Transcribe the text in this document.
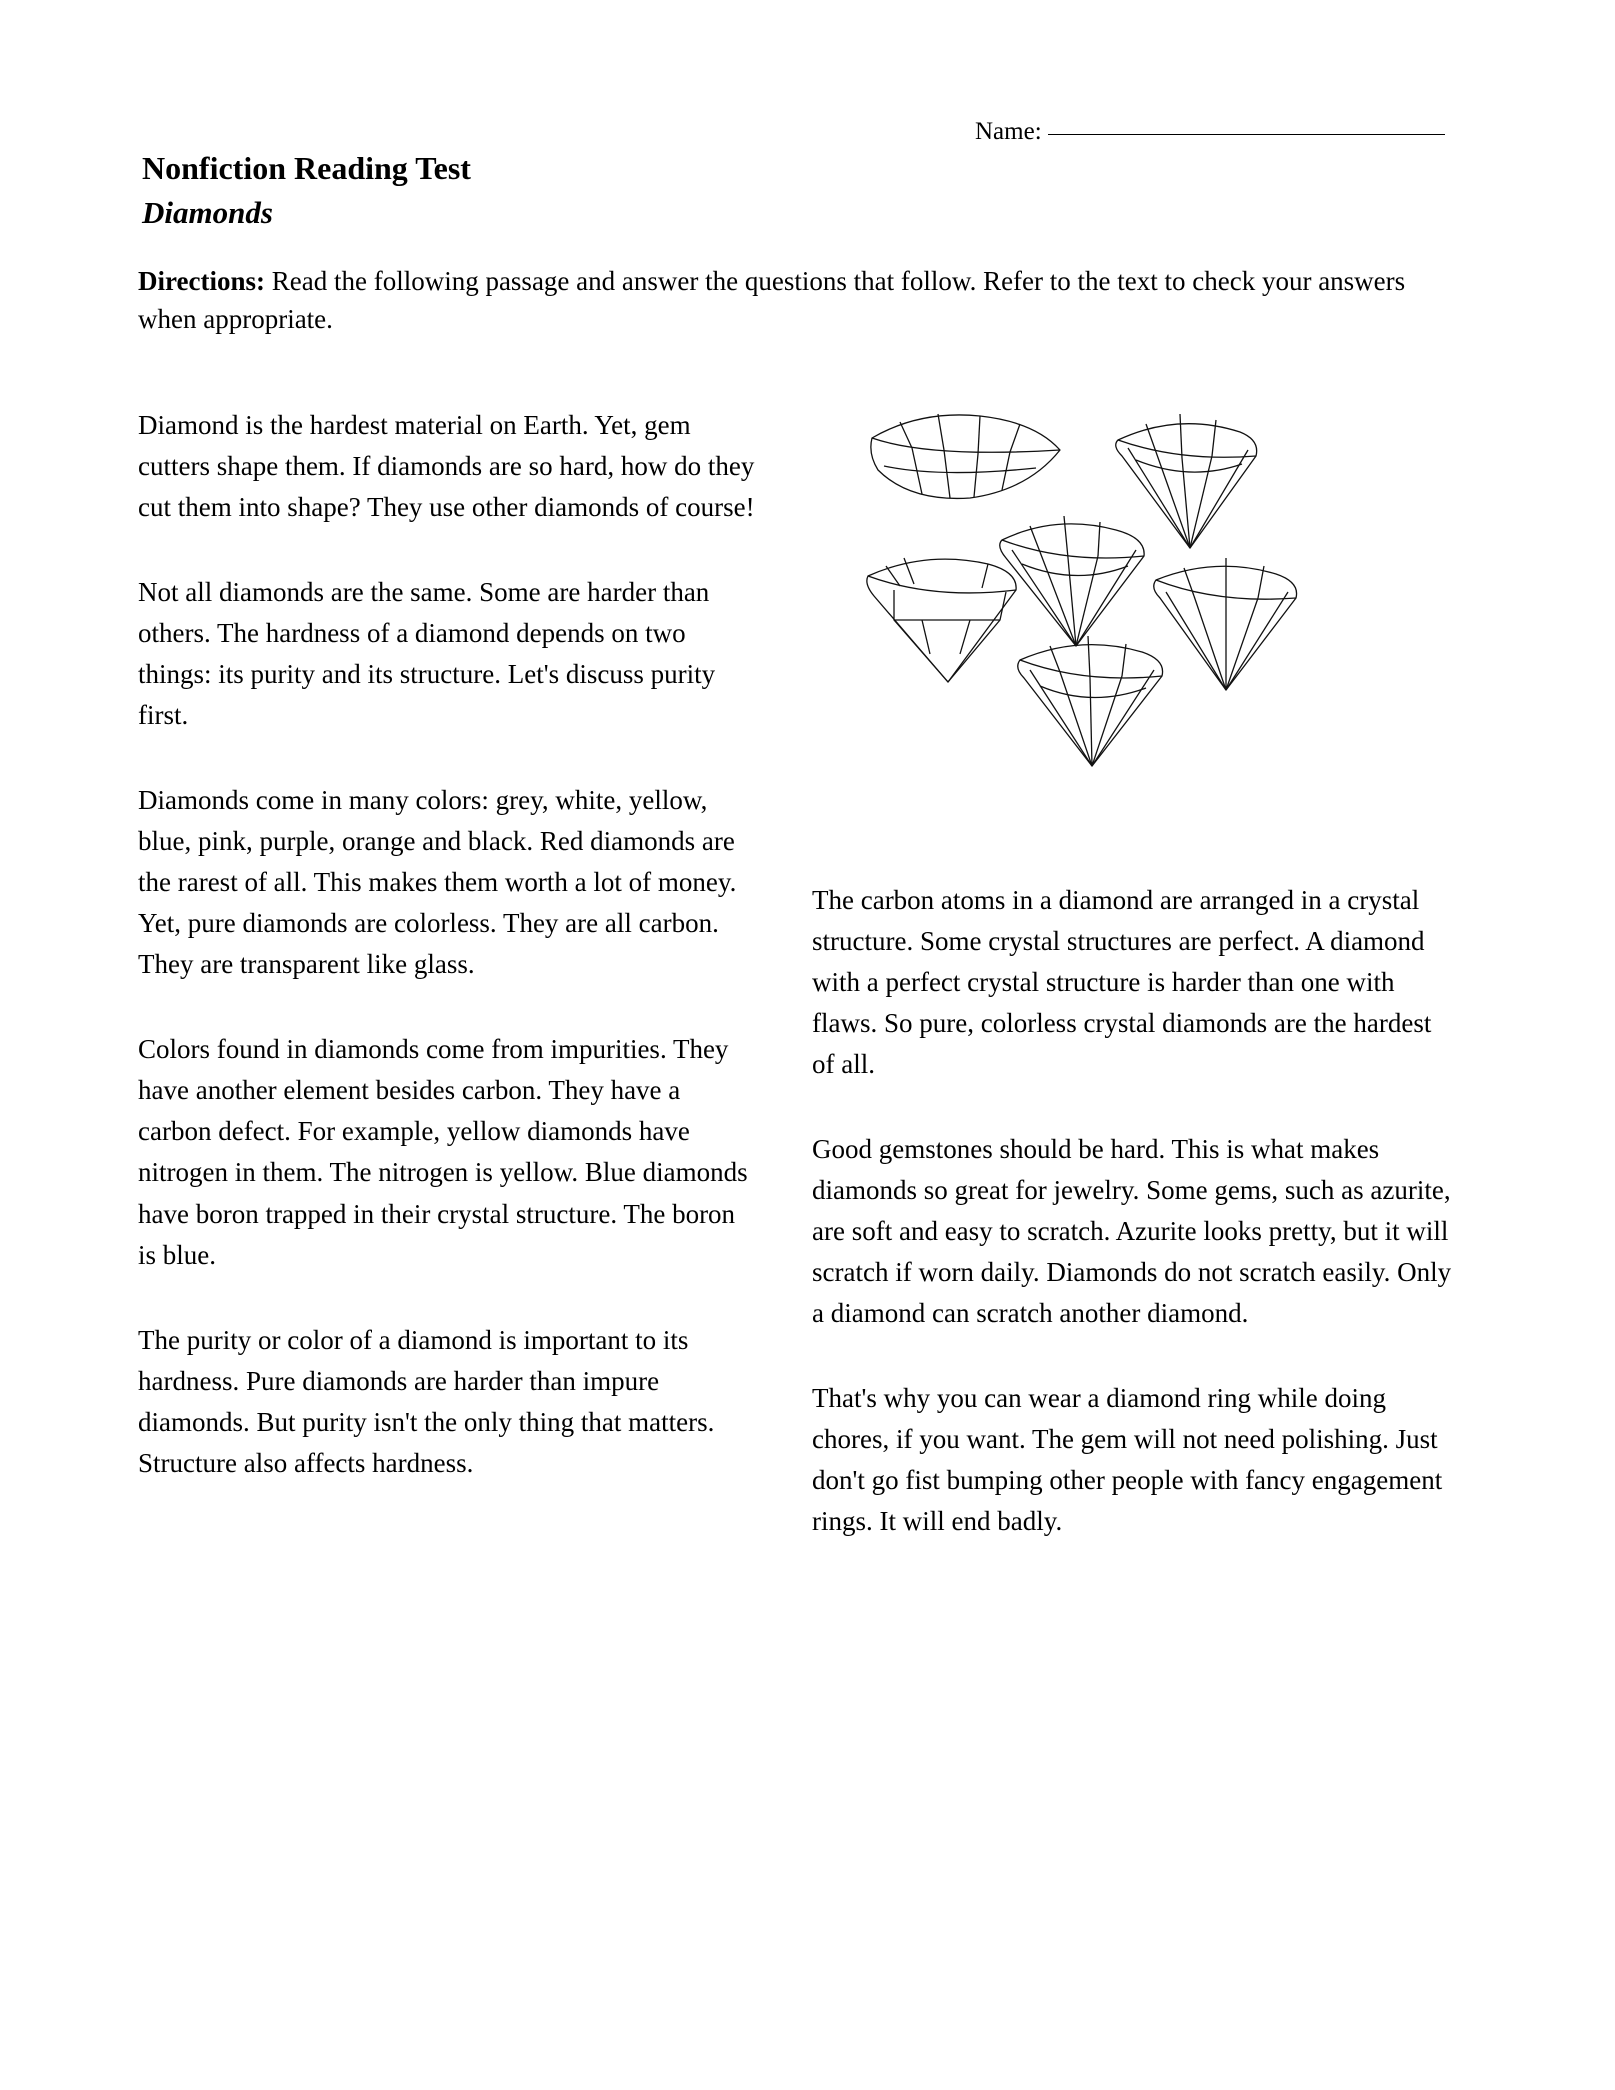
Name:
Nonfiction Reading Test
Diamonds
Directions: Read the following passage and answer the questions that follow. Refer to the text to check your answers when appropriate.

Diamond is the hardest material on Earth. Yet, gem cutters shape them. If diamonds are so hard, how do they cut them into shape? They use other diamonds of course!

Not all diamonds are the same. Some are harder than others. The hardness of a diamond depends on two things: its purity and its structure. Let's discuss purity first.

Diamonds come in many colors: grey, white, yellow, blue, pink, purple, orange and black. Red diamonds are the rarest of all. This makes them worth a lot of money. Yet, pure diamonds are colorless. They are all carbon. They are transparent like glass.

Colors found in diamonds come from impurities. They have another element besides carbon. They have a carbon defect. For example, yellow diamonds have nitrogen in them. The nitrogen is yellow. Blue diamonds have boron trapped in their crystal structure. The boron is blue.

The purity or color of a diamond is important to its hardness. Pure diamonds are harder than impure diamonds. But purity isn't the only thing that matters. Structure also affects hardness.

The carbon atoms in a diamond are arranged in a crystal structure. Some crystal structures are perfect. A diamond with a perfect crystal structure is harder than one with flaws. So pure, colorless crystal diamonds are the hardest of all.

Good gemstones should be hard. This is what makes diamonds so great for jewelry. Some gems, such as azurite, are soft and easy to scratch. Azurite looks pretty, but it will scratch if worn daily. Diamonds do not scratch easily. Only a diamond can scratch another diamond.

That's why you can wear a diamond ring while doing chores, if you want. The gem will not need polishing. Just don't go fist bumping other people with fancy engagement rings. It will end badly.
